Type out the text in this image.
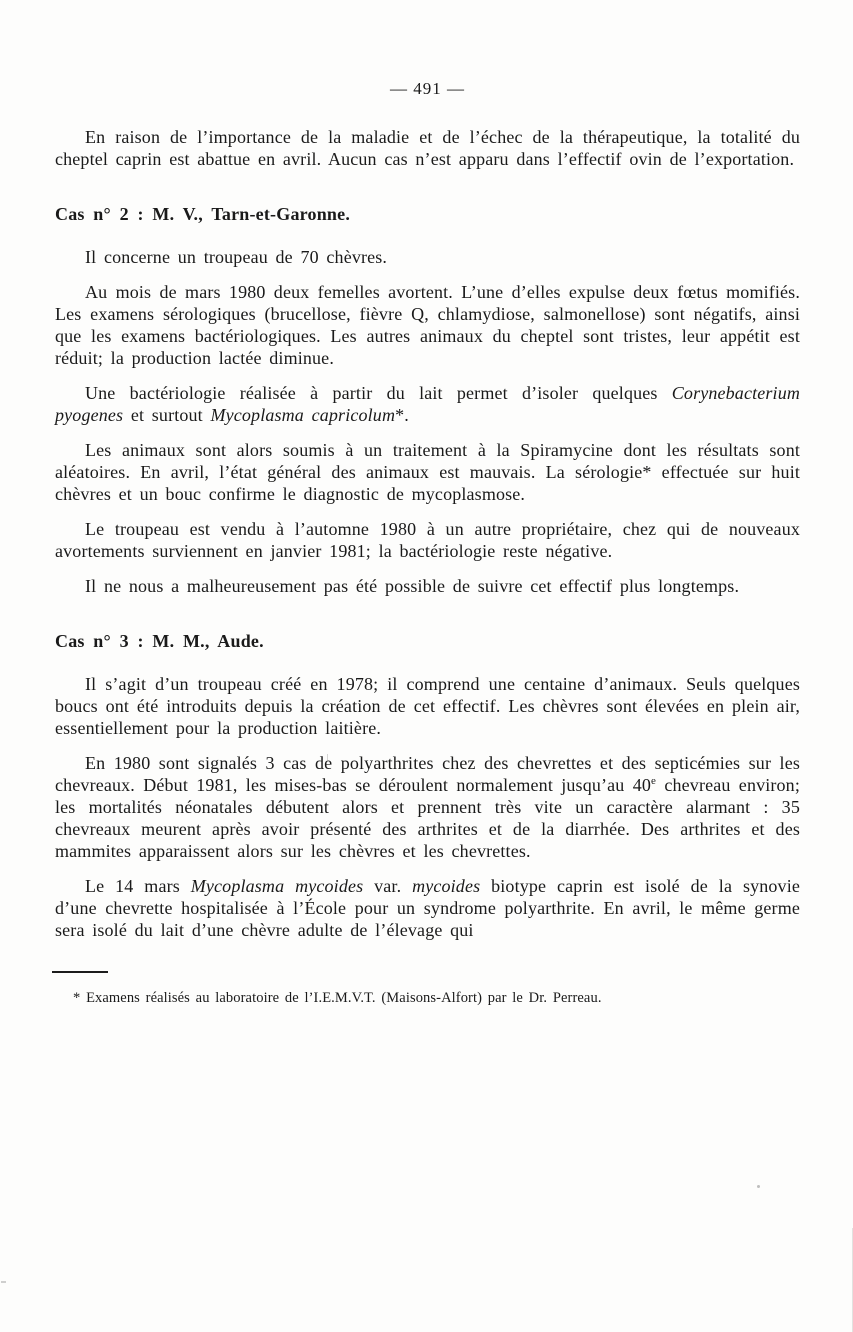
— 491 —

En raison de l’importance de la maladie et de l’échec de la thérapeutique, la totalité du cheptel caprin est abattue en avril. Aucun cas n’est apparu dans l’effectif ovin de l’exportation.

Cas n° 2 : M. V., Tarn-et-Garonne.

Il concerne un troupeau de 70 chèvres.

Au mois de mars 1980 deux femelles avortent. L’une d’elles expulse deux fœtus momifiés. Les examens sérologiques (brucellose, fièvre Q, chlamydiose, salmonellose) sont négatifs, ainsi que les examens bactériologiques. Les autres animaux du cheptel sont tristes, leur appétit est réduit; la production lactée diminue.

Une bactériologie réalisée à partir du lait permet d’isoler quelques Corynebacterium pyogenes et surtout Mycoplasma capricolum*.

Les animaux sont alors soumis à un traitement à la Spiramycine dont les résultats sont aléatoires. En avril, l’état général des animaux est mauvais. La sérologie* effectuée sur huit chèvres et un bouc confirme le diagnostic de mycoplasmose.

Le troupeau est vendu à l’automne 1980 à un autre propriétaire, chez qui de nouveaux avortements surviennent en janvier 1981; la bactériologie reste négative.

Il ne nous a malheureusement pas été possible de suivre cet effectif plus longtemps.

Cas n° 3 : M. M., Aude.

Il s’agit d’un troupeau créé en 1978; il comprend une centaine d’animaux. Seuls quelques boucs ont été introduits depuis la création de cet effectif. Les chèvres sont élevées en plein air, essentiellement pour la production laitière.

En 1980 sont signalés 3 cas de polyarthrites chez des chevrettes et des septicémies sur les chevreaux. Début 1981, les mises-bas se déroulent normalement jusqu’au 40e chevreau environ; les mortalités néonatales débutent alors et prennent très vite un caractère alarmant : 35 chevreaux meurent après avoir présenté des arthrites et de la diarrhée. Des arthrites et des mammites apparaissent alors sur les chèvres et les chevrettes.

Le 14 mars Mycoplasma mycoides var. mycoides biotype caprin est isolé de la synovie d’une chevrette hospitalisée à l’École pour un syndrome polyarthrite. En avril, le même germe sera isolé du lait d’une chèvre adulte de l’élevage qui

* Examens réalisés au laboratoire de l’I.E.M.V.T. (Maisons-Alfort) par le Dr. Perreau.
